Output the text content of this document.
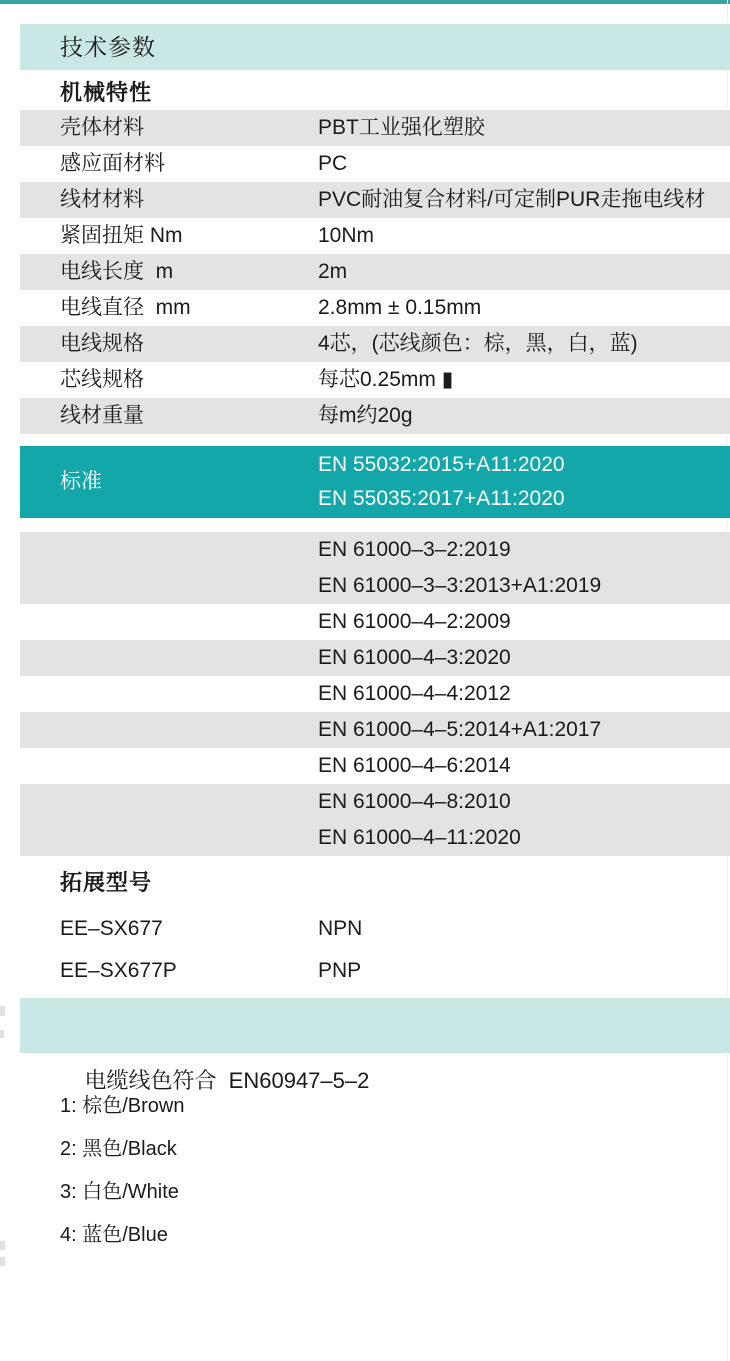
技术参数
机械特性
壳体材料	PBT工业强化塑胶
感应面材料	PC
线材材料	PVC耐油复合材料/可定制PUR走拖电线材
紧固扭矩 Nm	10Nm
电线长度  m	2m
电线直径  mm	2.8mm ± 0.15mm
电线规格	4芯，(芯线颜色：棕，黑，白，蓝)
芯线规格	每芯0.25mm ▮
线材重量	每m约20g
标准
EN 55032:2015+A11:2020
EN 55035:2017+A11:2020
EN 61000–3–2:2019
EN 61000–3–3:2013+A1:2019
EN 61000–4–2:2009
EN 61000–4–3:2020
EN 61000–4–4:2012
EN 61000–4–5:2014+A1:2017
EN 61000–4–6:2014
EN 61000–4–8:2010
EN 61000–4–11:2020
拓展型号
EE–SX677	NPN
EE–SX677P	PNP

电缆线色符合  EN60947–5–2

1: 棕色/Brown
2: 黑色/Black
3: 白色/White
4: 蓝色/Blue
